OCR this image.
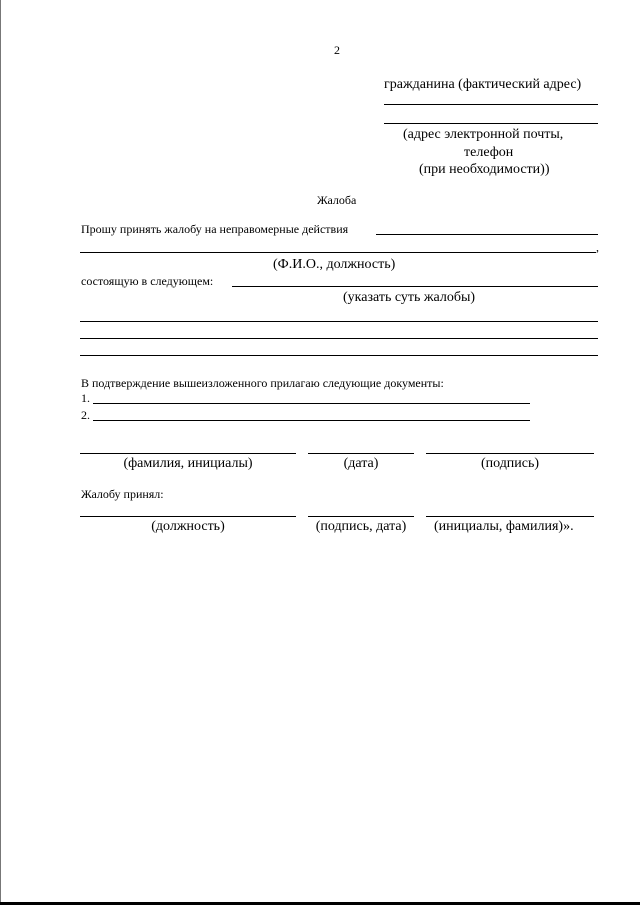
2
гражданина (фактический адрес)
(адрес электронной почты,
телефон
(при необходимости))
Жалоба
Прошу принять жалобу на неправомерные действия
,
(Ф.И.О., должность)
состоящую в следующем:
(указать суть жалобы)
В подтверждение вышеизложенного прилагаю следующие документы:
1.
2.
(фамилия, инициалы)	(дата)	(подпись)
Жалобу принял:
(должность)	(подпись, дата)	(инициалы, фамилия)».
